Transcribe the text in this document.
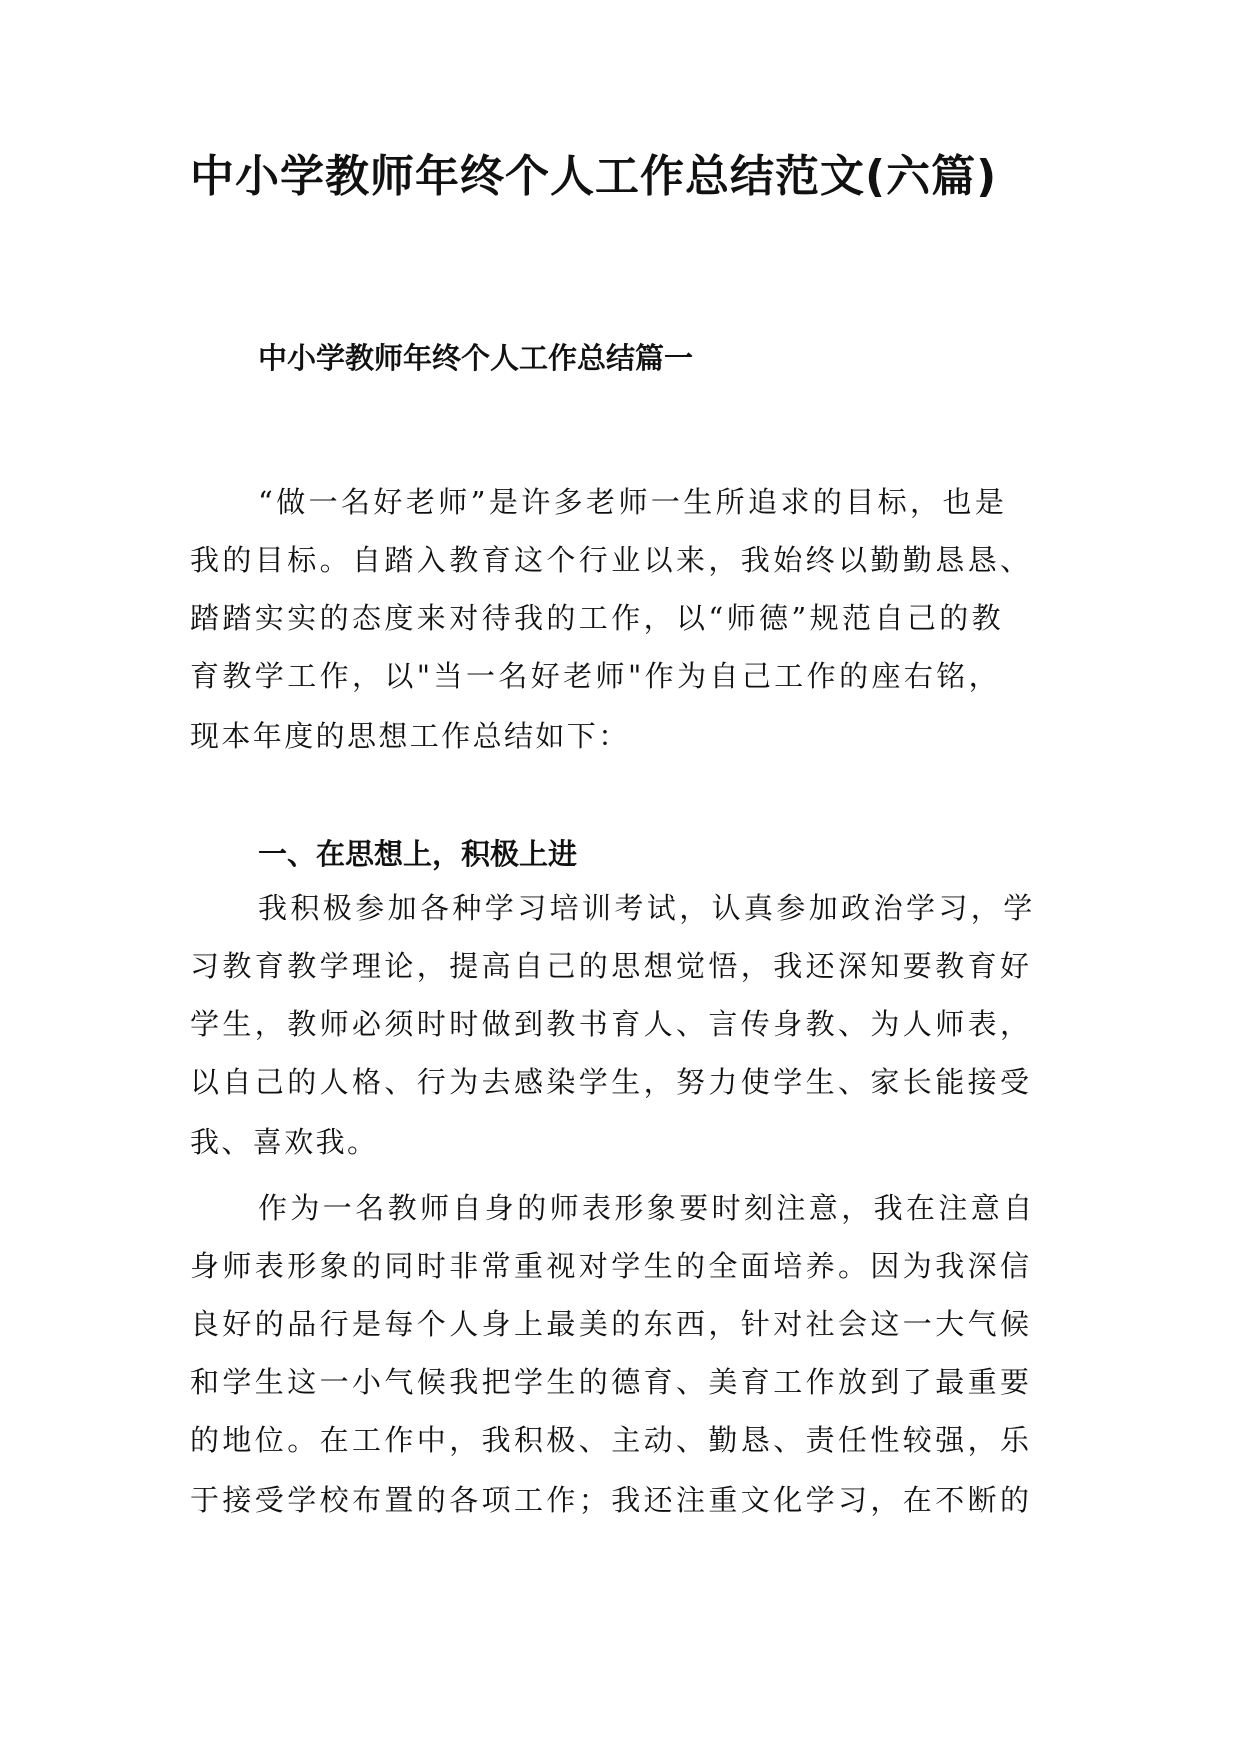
中小学教师年终个人工作总结范文(六篇)
中小学教师年终个人工作总结篇一

“做一名好老师”是许多老师一生所追求的目标，也是

我的目标。自踏入教育这个行业以来，我始终以勤勤恳恳、

踏踏实实的态度来对待我的工作，以“师德”规范自己的教

育教学工作，以"当一名好老师"作为自己工作的座右铭，

现本年度的思想工作总结如下：

一、在思想上，积极上进

我积极参加各种学习培训考试，认真参加政治学习，学

习教育教学理论，提高自己的思想觉悟，我还深知要教育好

学生，教师必须时时做到教书育人、言传身教、为人师表，

以自己的人格、行为去感染学生，努力使学生、家长能接受

我、喜欢我。

作为一名教师自身的师表形象要时刻注意，我在注意自

身师表形象的同时非常重视对学生的全面培养。因为我深信

良好的品行是每个人身上最美的东西，针对社会这一大气候

和学生这一小气候我把学生的德育、美育工作放到了最重要

的地位。在工作中，我积极、主动、勤恳、责任性较强，乐

于接受学校布置的各项工作；我还注重文化学习，在不断的
